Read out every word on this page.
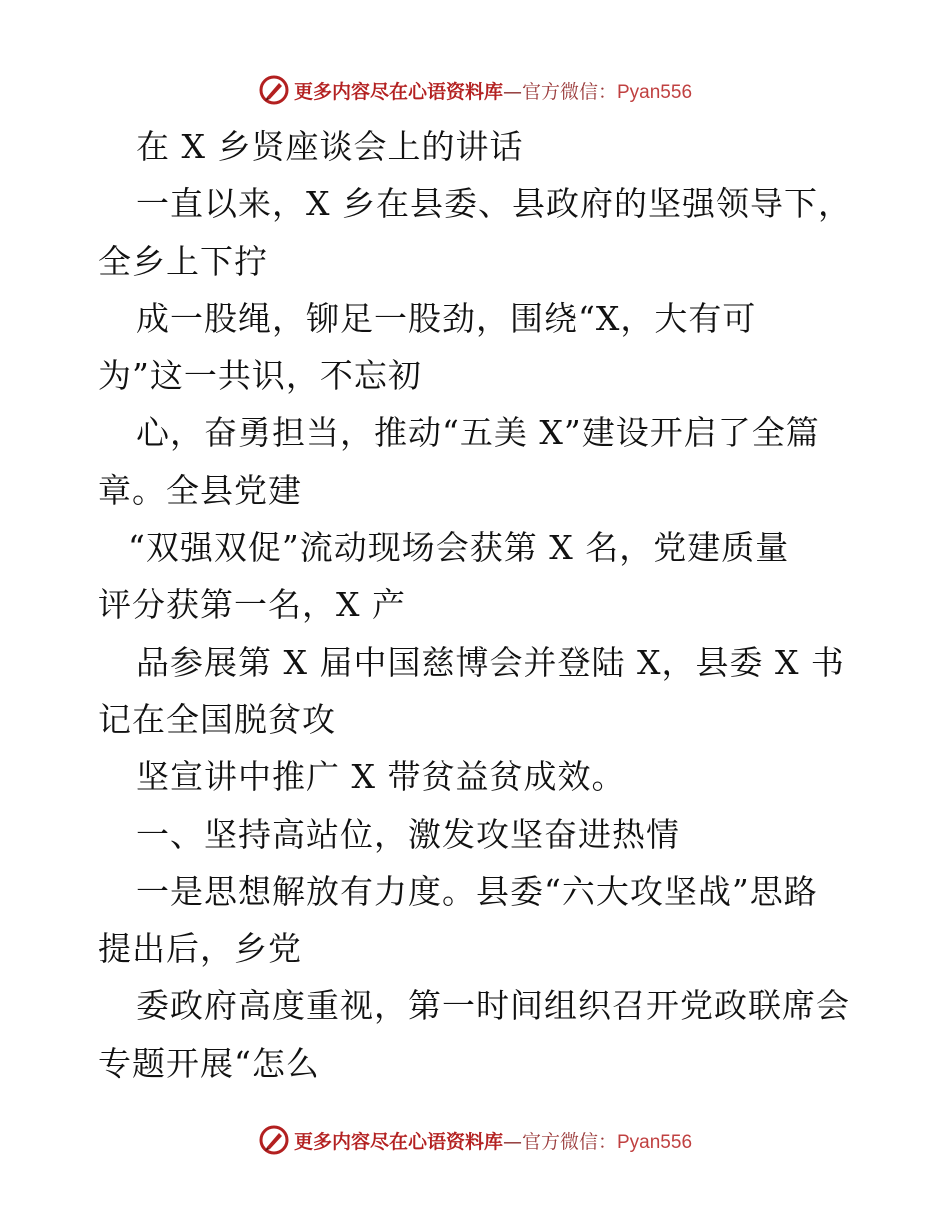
更多内容尽在心语资料库—官方微信：Pyan556
在 X 乡贤座谈会上的讲话
一直以来，X 乡在县委、县政府的坚强领导下，
全乡上下拧
成一股绳，铆足一股劲，围绕“X，大有可
为”这一共识，不忘初
心，奋勇担当，推动“五美 X”建设开启了全篇
章。全县党建
“双强双促”流动现场会获第 X 名，党建质量
评分获第一名，X 产
品参展第 X 届中国慈博会并登陆 X，县委 X 书
记在全国脱贫攻
坚宣讲中推广 X 带贫益贫成效。
一、坚持高站位，激发攻坚奋进热情
一是思想解放有力度。县委“六大攻坚战”思路
提出后，乡党
委政府高度重视，第一时间组织召开党政联席会
专题开展“怎么
更多内容尽在心语资料库—官方微信：Pyan556
